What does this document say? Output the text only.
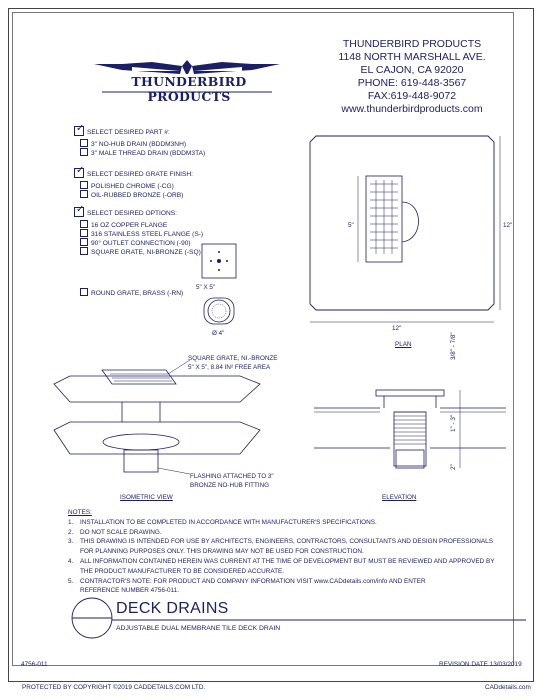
THUNDERBIRD PRODUCTS
THUNDERBIRD PRODUCTS
1148 NORTH MARSHALL AVE.
EL CAJON, CA 92020
PHONE: 619-448-3567
FAX:619-448-9072
www.thunderbirdproducts.com
✓ SELECT DESIRED PART #:
3" NO-HUB DRAIN (BDDM3NH)
3" MALE THREAD DRAIN (BDDM3TA)
✓ SELECT DESIRED GRATE FINISH:
POLISHED CHROME (-CG)
OIL-RUBBED BRONZE (-ORB)
✓ SELECT DESIRED OPTIONS:
16 OZ COPPER FLANGE
316 STAINLESS STEEL FLANGE (S-)
90° OUTLET CONNECTION (-90)
SQUARE GRATE, NI-BRONZE (-SQ)
ROUND GRATE, BRASS (-RN)
5" X 5"
Ø 4"
5"	12"
12"
PLAN
SQUARE GRATE, NI.-BRONZE
5" X 5", 8.84 IN² FREE AREA
FLASHING ATTACHED TO 3"
BRONZE NO-HUB FITTING
ISOMETRIC VIEW
3/8" - 7/8"
1" - 3"
2"
ELEVATION
NOTES:
1. INSTALLATION TO BE COMPLETED IN ACCORDANCE WITH MANUFACTURER'S SPECIFICATIONS.
2. DO NOT SCALE DRAWING.
3. THIS DRAWING IS INTENDED FOR USE BY ARCHITECTS, ENGINEERS, CONTRACTORS, CONSULTANTS AND DESIGN PROFESSIONALS
FOR PLANNING PURPOSES ONLY. THIS DRAWING MAY NOT BE USED FOR CONSTRUCTION.
4. ALL INFORMATION CONTAINED HEREIN WAS CURRENT AT THE TIME OF DEVELOPMENT BUT MUST BE REVIEWED AND APPROVED BY
THE PRODUCT MANUFACTURER TO BE CONSIDERED ACCURATE.
5. CONTRACTOR'S NOTE: FOR PRODUCT AND COMPANY INFORMATION VISIT www.CADdetails.com/info AND ENTER
REFERENCE NUMBER 4756-011.
DECK DRAINS
ADJUSTABLE DUAL MEMBRANE TILE DECK DRAIN
4756-011	REVISION DATE 13/03/2019
PROTECTED BY COPYRIGHT ©2019 CADDETAILS.COM LTD.	CADdetails.com
